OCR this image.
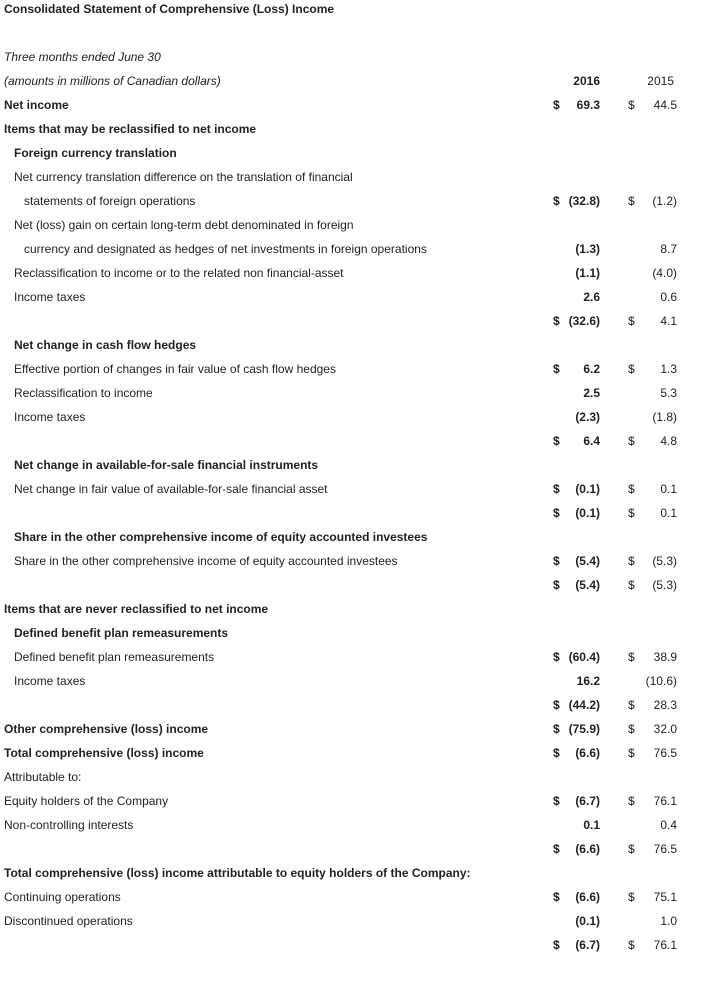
Consolidated Statement of Comprehensive (Loss) Income
Three months ended June 30
(amounts in millions of Canadian dollars)	2016	2015
Net income	$	69.3 $	44.5
Items that may be reclassified to net income
Foreign currency translation
Net currency translation difference on the translation of financial
statements of foreign operations	$ (32.8) $	(1.2)
Net (loss) gain on certain long-term debt denominated in foreign
currency and designated as hedges of net investments in foreign operations	(1.3)	8.7
Reclassification to income or to the related non financial-asset	(1.1)	(4.0)
Income taxes	2.6	0.6
$ (32.6) $	4.1
Net change in cash flow hedges
Effective portion of changes in fair value of cash flow hedges	$	6.2 $	1.3
Reclassification to income	2.5	5.3
Income taxes	(2.3)	(1.8)
$	6.4 $	4.8
Net change in available-for-sale financial instruments
Net change in fair value of available-for-sale financial asset	$	(0.1) $	0.1
$	(0.1) $	0.1
Share in the other comprehensive income of equity accounted investees
Share in the other comprehensive income of equity accounted investees	$	(5.4) $	(5.3)
$	(5.4) $	(5.3)
Items that are never reclassified to net income
Defined benefit plan remeasurements
Defined benefit plan remeasurements	$ (60.4) $	38.9
Income taxes	16.2	(10.6)
$ (44.2) $	28.3
Other comprehensive (loss) income	$ (75.9) $	32.0
Total comprehensive (loss) income	$	(6.6) $	76.5
Attributable to:
Equity holders of the Company	$	(6.7) $	76.1
Non-controlling interests	0.1	0.4
$	(6.6) $	76.5
Total comprehensive (loss) income attributable to equity holders of the Company:
Continuing operations	$	(6.6) $	75.1
Discontinued operations	(0.1)	1.0
$	(6.7) $	76.1
